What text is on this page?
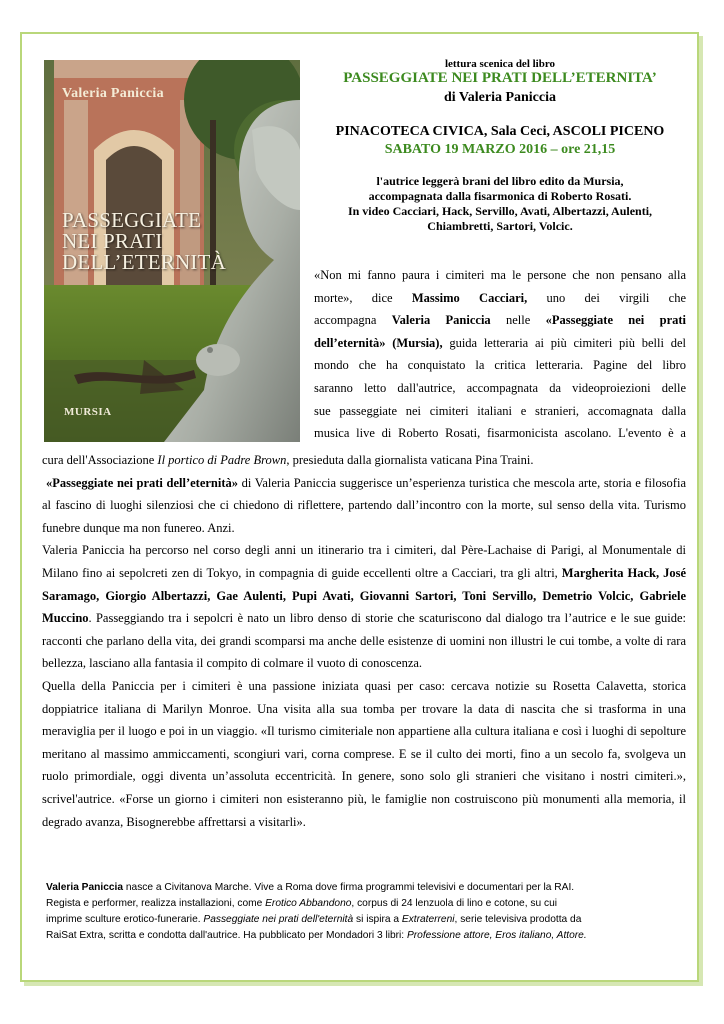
Valeria Paniccia
PASSEGGIATE
NEI PRATI
DELL’ETERNITÀ
MURSIA
lettura scenica del libro
PASSEGGIATE NEI PRATI DELL’ETERNITA’
di Valeria Paniccia
PINACOTECA CIVICA, Sala Ceci, ASCOLI PICENO
SABATO 19 MARZO 2016 – ore 21,15
l'autrice leggerà brani del libro edito da Mursia,
accompagnata dalla fisarmonica di Roberto Rosati.
In video Cacciari, Hack, Servillo, Avati, Albertazzi, Aulenti,
Chiambretti, Sartori, Volcic.
«Non mi fanno paura i cimiteri ma le persone che non pensano alla
morte», dice Massimo Cacciari, uno dei virgili che
accompagna Valeria Paniccia nelle «Passeggiate nei prati
dell’eternità» (Mursia), guida letteraria ai più cimiteri più belli del
mondo che ha conquistato la critica letteraria. Pagine del libro
saranno letto dall'autrice, accompagnata da videoproiezioni delle
sue passeggiate nei cimiteri italiani e stranieri, accomagnata dalla
musica live di Roberto Rosati, fisarmonicista ascolano. L'evento è a

cura dell'Associazione Il portico di Padre Brown, presieduta dalla giornalista vaticana Pina Traini.

«Passeggiate nei prati dell’eternità» di Valeria Paniccia suggerisce un’esperienza turistica che mescola arte, storia e filosofia al fascino di luoghi silenziosi che ci chiedono di riflettere, partendo dall’incontro con la morte, sul senso della vita. Turismo funebre dunque ma non funereo. Anzi.

Valeria Paniccia ha percorso nel corso degli anni un itinerario tra i cimiteri, dal Père-Lachaise di Parigi, al Monumentale di Milano fino ai sepolcreti zen di Tokyo, in compagnia di guide eccellenti oltre a Cacciari, tra gli altri, Margherita Hack, José Saramago, Giorgio Albertazzi, Gae Aulenti, Pupi Avati, Giovanni Sartori, Toni Servillo, Demetrio Volcic, Gabriele Muccino. Passeggiando tra i sepolcri è nato un libro denso di storie che scaturiscono dal dialogo tra l’autrice e le sue guide: racconti che parlano della vita, dei grandi scomparsi ma anche delle esistenze di uomini non illustri le cui tombe, a volte di rara bellezza, lasciano alla fantasia il compito di colmare il vuoto di conoscenza.

Quella della Paniccia per i cimiteri è una passione iniziata quasi per caso: cercava notizie su Rosetta Calavetta, storica doppiatrice italiana di Marilyn Monroe. Una visita alla sua tomba per trovare la data di nascita che si trasforma in una meraviglia per il luogo e poi in un viaggio. «Il turismo cimiteriale non appartiene alla cultura italiana e così i luoghi di sepolture meritano al massimo ammiccamenti, scongiuri vari, corna comprese. E se il culto dei morti, fino a un secolo fa, svolgeva un ruolo primordiale, oggi diventa un’assoluta eccentricità. In genere, sono solo gli stranieri che visitano i nostri cimiteri.», scrivel'autrice. «Forse un giorno i cimiteri non esisteranno più, le famiglie non costruiscono più monumenti alla memoria, il degrado avanza, Bisognerebbe affrettarsi a visitarli».

Valeria Paniccia nasce a Civitanova Marche. Vive a Roma dove firma programmi televisivi e documentari per la RAI.
Regista e performer, realizza installazioni, come Erotico Abbandono, corpus di 24 lenzuola di lino e cotone, su cui
imprime sculture erotico-funerarie. Passeggiate nei prati dell'eternità si ispira a Extraterreni, serie televisiva prodotta da
RaiSat Extra, scritta e condotta dall'autrice. Ha pubblicato per Mondadori 3 libri: Professione attore, Eros italiano, Attore.
